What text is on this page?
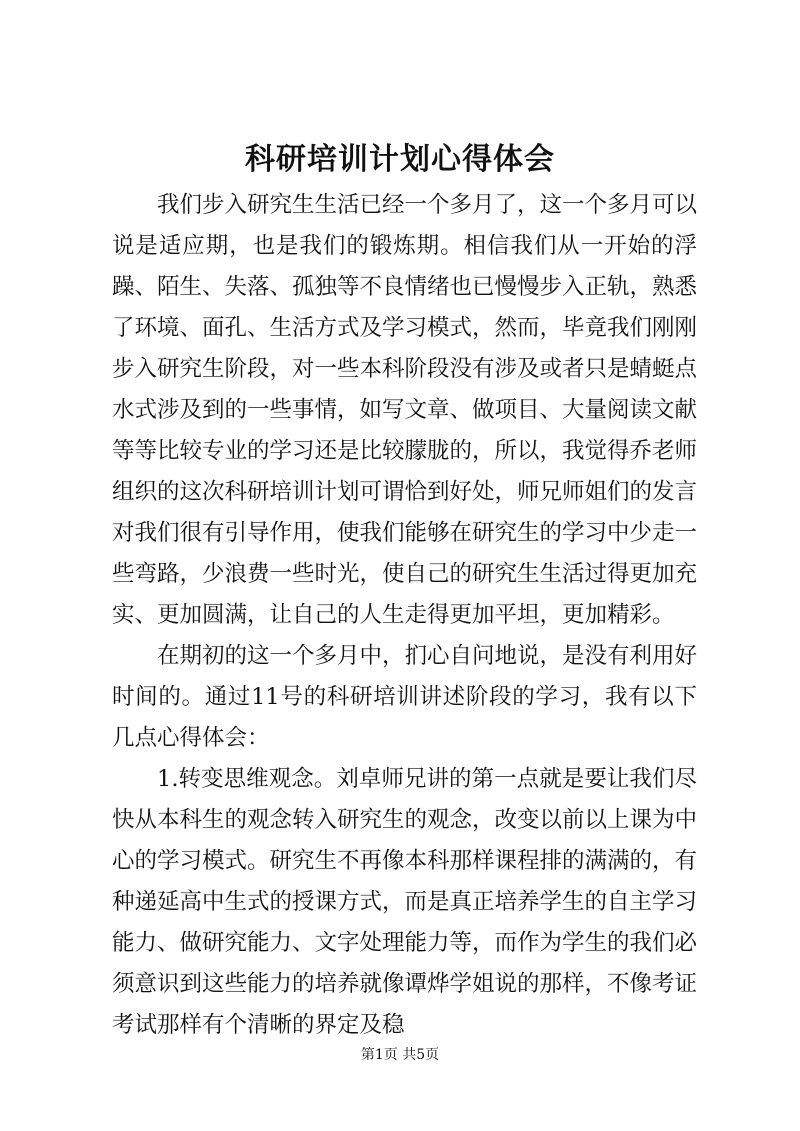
科研培训计划心得体会

我们步入研究生生活已经一个多月了，这一个多月可以说是适应期，也是我们的锻炼期。相信我们从一开始的浮躁、陌生、失落、孤独等不良情绪也已慢慢步入正轨，熟悉了环境、面孔、生活方式及学习模式，然而，毕竟我们刚刚步入研究生阶段，对一些本科阶段没有涉及或者只是蜻蜓点水式涉及到的一些事情，如写文章、做项目、大量阅读文献等等比较专业的学习还是比较朦胧的，所以，我觉得乔老师组织的这次科研培训计划可谓恰到好处，师兄师姐们的发言对我们很有引导作用，使我们能够在研究生的学习中少走一些弯路，少浪费一些时光，使自己的研究生生活过得更加充实、更加圆满，让自己的人生走得更加平坦，更加精彩。

在期初的这一个多月中，扪心自问地说，是没有利用好时间的。通过11号的科研培训讲述阶段的学习，我有以下几点心得体会：

1.转变思维观念。刘卓师兄讲的第一点就是要让我们尽快从本科生的观念转入研究生的观念，改变以前以上课为中心的学习模式。研究生不再像本科那样课程排的满满的，有种递延高中生式的授课方式，而是真正培养学生的自主学习能力、做研究能力、文字处理能力等，而作为学生的我们必须意识到这些能力的培养就像谭烨学姐说的那样，不像考证考试那样有个清晰的界定及稳

第1页 共5页
